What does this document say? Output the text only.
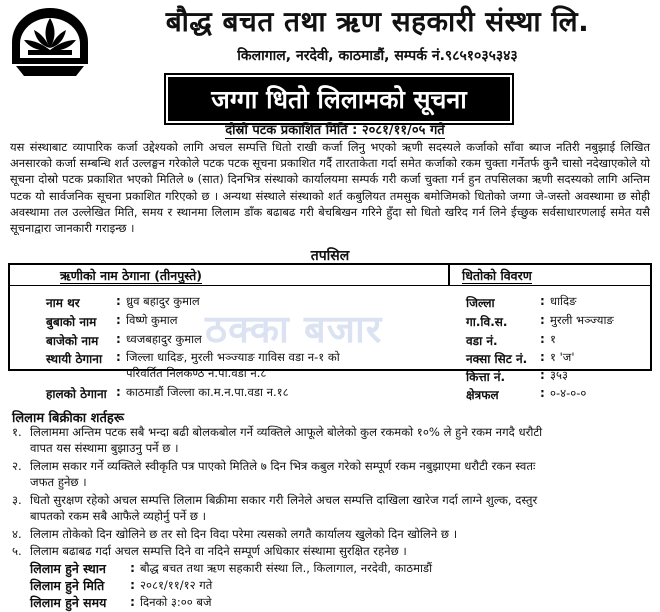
बौद्ध बचत तथा ऋण सहकारी संस्था लि.
किलागाल, नरदेवी, काठमाडौं, सम्पर्क नं.९८५१०३५३४३
जग्गा धितो लिलामको सूचना
दोस्रो पटक प्रकाशित मिति : २०८१/११/०५ गते
यस संस्थाबाट व्यापारिक कर्जा उद्देश्यको लागि अचल सम्पत्ति धितो राखी कर्जा लिनु भएको ऋणी सदस्यले कर्जाको साँवा ब्याज नतिरी नबुझाई लिखित अनसारको कर्जा सम्बन्धि शर्त उल्लङ्घन गरेकोले पटक पटक सूचना प्रकाशित गर्दै तारताकेता गर्दा समेत कर्जाको रकम चुक्ता गर्नेतर्फ कुनै चासो नदेखाएकोले यो सूचना दोस्रो पटक प्रकाशित भएको मितिले ७ (सात) दिनभित्र संस्थाको कार्यालयमा सम्पर्क गरी कर्जा चुक्ता गर्न हुन तपसिलका ऋणी सदस्यको लागि अन्तिम पटक यो सार्वजनिक सूचना प्रकाशित गरिएको छ । अन्यथा संस्थाले संस्थाको शर्त कबुलियत तमसुक बमोजिमको धितोको जग्गा जे-जस्तो अवस्थामा छ सोही अवस्थामा तल उल्लेखित मिति, समय र स्थानमा लिलाम डाँक बढाबढ गरी बेचबिखन गरिने हुँदा सो धितो खरिद गर्न लिने ईच्छुक सर्वसाधारणलाई समेत यसै सूचनाद्वारा जानकारी गराइन्छ ।
तपसिल
ऋणीको नाम ठेगाना (तीनपुस्ते)	धितोको विवरण
ठक्का बजार
नाम थर	: ध्रुव बहादुर कुमाल
बुबाको नाम : विष्णे कुमाल
बाजेको नाम : ध्वजबहादुर कुमाल
स्थायी ठेगाना : जिल्ला धादिङ, मुरली भञ्ज्याङ गाविस वडा न-१ को
परिवर्तित निलकण्ठ न.पा.वडा न.८
हालको ठेगाना : काठमाडौं जिल्ला का.म.न.पा.वडा न.१८
जिल्ला	: धादिङ
गा.वि.स.	: मुरली भञ्ज्याङ
वडा नं.	: १
नक्सा सिट नं. : १ 'ज'
कित्ता नं.	: ३५३
क्षेत्रफल	: ०-४-०-०
लिलाम बिक्रीका शर्तहरू
१. लिलाममा अन्तिम पटक सबै भन्दा बढी बोलकबोल गर्ने व्यक्तिले आफूले बोलेको कुल रकमको १०% ले हुने रकम नगदै धरौटी
वापत यस संस्थामा बुझाउनु पर्ने छ ।
२. लिलाम सकार गर्ने व्यक्तिले स्वीकृति पत्र पाएको मितिले ७ दिन भित्र कबुल गरेको सम्पूर्ण रकम नबुझाएमा धरौटी रकन स्वतः
जफत हुनेछ ।
३. धितो सुरक्षण रहेको अचल सम्पत्ति लिलाम बिक्रीमा सकार गरी लिनेले अचल सम्पत्ति दाखिला खारेज गर्दा लाग्ने शुल्क, दस्तुर
बापतको रकम सबै आफैले व्यहोर्नु पर्ने छ ।
४. लिलाम तोकेको दिन खोलिने छ तर सो दिन विदा परेमा त्यसको लगतै कार्यालय खुलेको दिन खोलिने छ ।
५. लिलाम बढाबढ गर्दा अचल सम्पत्ति दिने वा नदिने सम्पूर्ण अधिकार संस्थामा सुरक्षित रहनेछ ।
लिलाम हुने स्थान : बौद्ध बचत तथा ऋण सहकारी संस्था लि., किलागाल, नरदेवी, काठमाडौं
लिलाम हुने मिति : २०८१/११/१२ गते
लिलाम हुने समय : दिनको ३:०० बजे
